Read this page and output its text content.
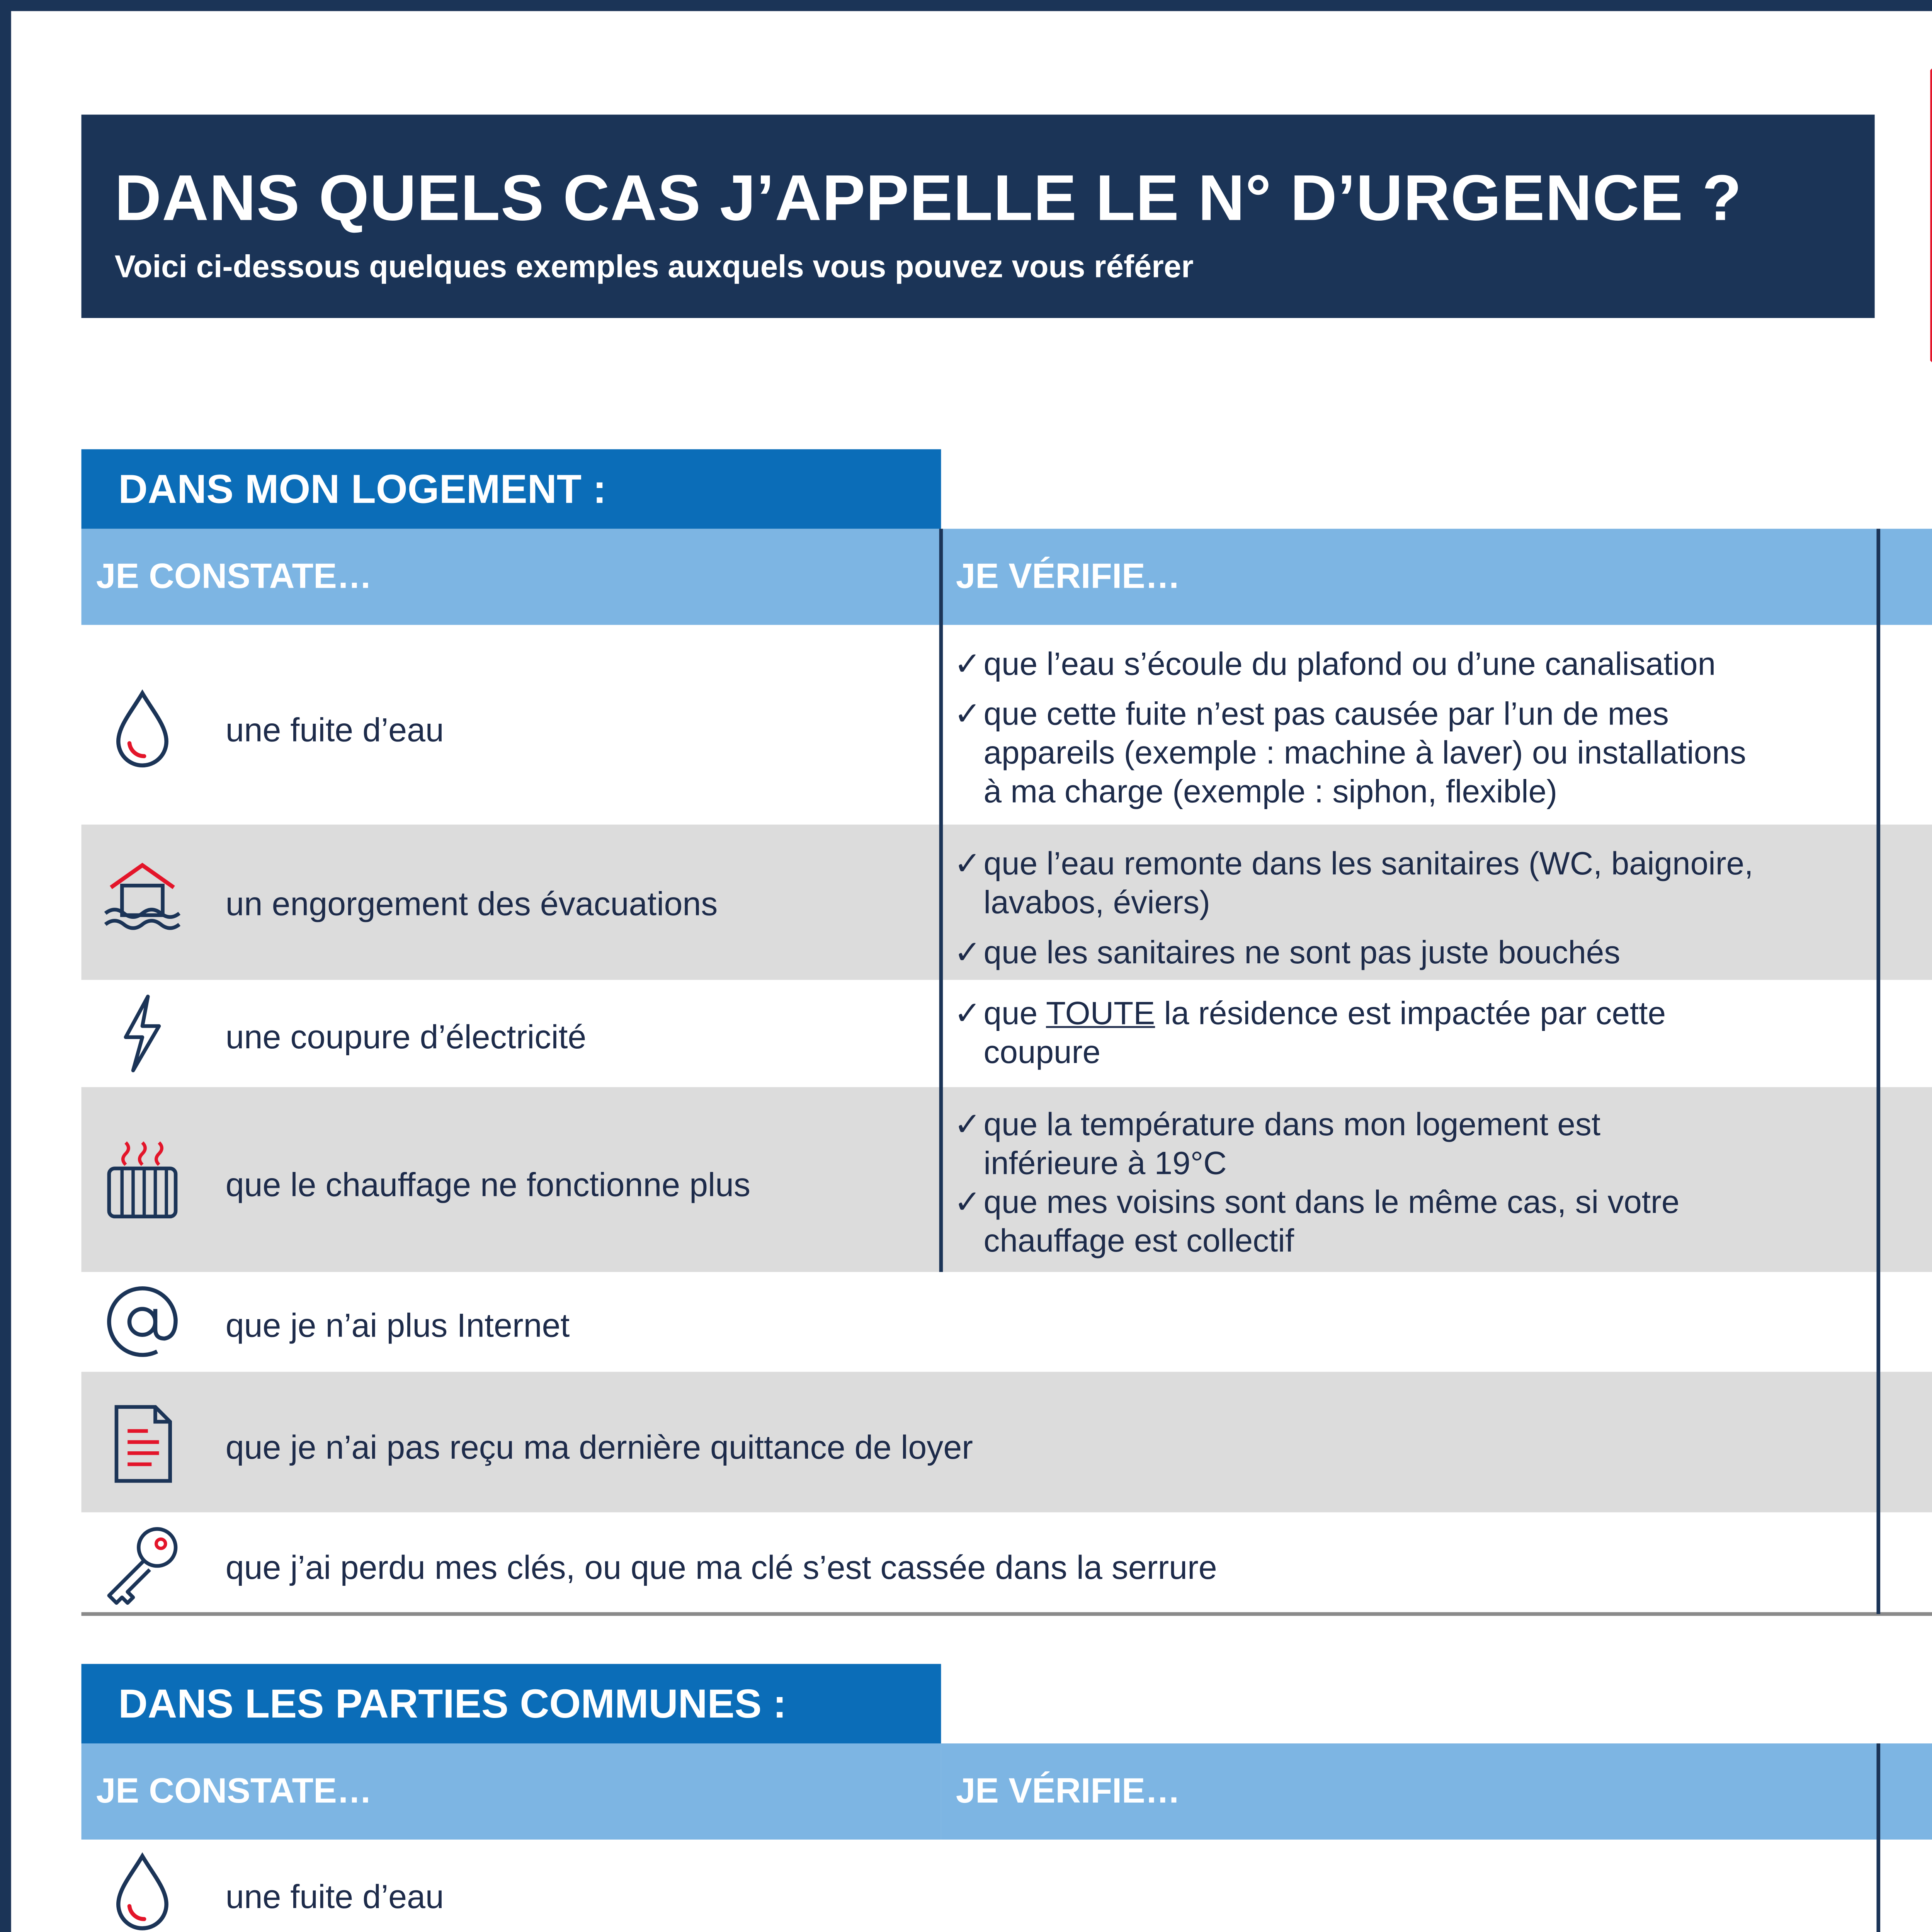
DANS QUELS CAS J’APPELLE LE N° D’URGENCE ?
Voici ci-dessous quelques exemples auxquels vous pouvez vous référer
DANS MON LOGEMENT :
JE CONSTATE…	JE VÉRIFIE…
une fuite d’eau
✓ que l’eau s’écoule du plafond ou d’une canalisation
✓ que cette fuite n’est pas causée par l’un de mes
appareils (exemple : machine à laver) ou installations
à ma charge (exemple : siphon, flexible)
un engorgement des évacuations
✓ que l’eau remonte dans les sanitaires (WC, baignoire,
lavabos, éviers)
✓ que les sanitaires ne sont pas juste bouchés
une coupure d’électricité
✓ que TOUTE la résidence est impactée par cette
coupure
que le chauffage ne fonctionne plus
✓ que la température dans mon logement est
inférieure à 19°C
✓ que mes voisins sont dans le même cas, si votre
chauffage est collectif
que je n’ai plus Internet
que je n’ai pas reçu ma dernière quittance de loyer
que j’ai perdu mes clés, ou que ma clé s’est cassée dans la serrure
DANS LES PARTIES COMMUNES :
JE CONSTATE…	JE VÉRIFIE…
une fuite d’eau
